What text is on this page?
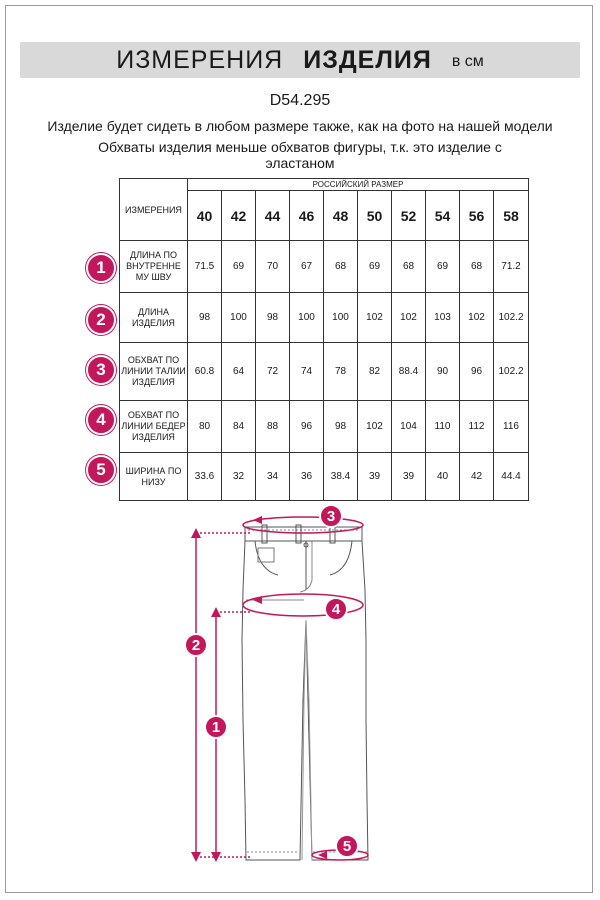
ИЗМЕРЕНИЯ ИЗДЕЛИЯ в см
D54.295
Изделие будет сидеть в любом размере также, как на фото на нашей модели
Обхваты изделия меньше обхватов фигуры, т.к. это изделие с эластаном
ИЗМЕРЕНИЯ	РОССИЙСКИЙ РАЗМЕР									
	40	42	44	46	48	50	52	54	56	58
ДЛИНА ПО ВНУТРЕННЕ МУ ШВУ	71.5	69	70	67	68	69	68	69	68	71.2
ДЛИНА ИЗДЕЛИЯ	98	100	98	100	100	102	102	103	102	102.2
ОБХВАТ ПО ЛИНИИ ТАЛИИ ИЗДЕЛИЯ	60.8	64	72	74	78	82	88.4	90	96	102.2
ОБХВАТ ПО ЛИНИИ БЕДЕР ИЗДЕЛИЯ	80	84	88	96	98	102	104	110	112	116
ШИРИНА ПО НИЗУ	33.6	32	34	36	38.4	39	39	40	42	44.4
1
2
3
4
5
1
2
3
4
5
